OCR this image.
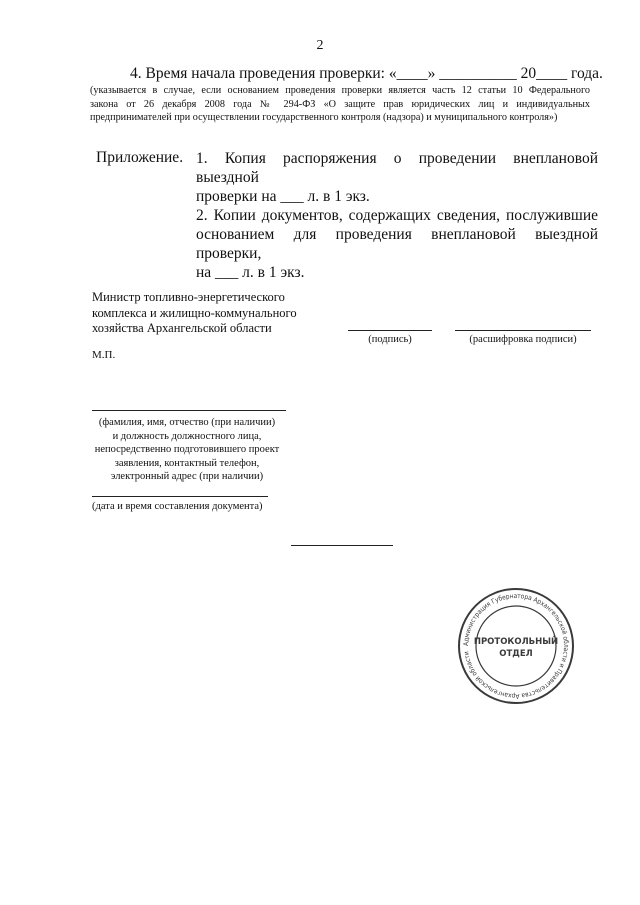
2
4. Время начала проведения проверки: «____» __________ 20____ года.
(указывается в случае, если основанием проведения проверки является часть 12 статьи 10 Федерального
закона от 26 декабря 2008 года № 294-ФЗ «О защите прав юридических лиц и индивидуальных
предпринимателей при осуществлении государственного контроля (надзора) и муниципального контроля»)
Приложение. 1. Копия распоряжения о проведении внеплановой выездной
проверки на ___ л. в 1 экз.
2. Копии документов, содержащих сведения, послужившие
основанием для проведения внеплановой выездной проверки,
на ___ л. в 1 экз.
Министр топливно-энергетического
комплекса и жилищно-коммунального
хозяйства Архангельской области
(подпись)	(расшифровка подписи)
М.П.
(фамилия, имя, отчество (при наличии)
и должность должностного лица,
непосредственно подготовившего проект
заявления, контактный телефон,
электронный адрес (при наличии)
(дата и время составления документа)
Администрация Губернатора Архангельской области и Правительства Архангельской области
ПРОТОКОЛЬНЫЙ
ОТДЕЛ
